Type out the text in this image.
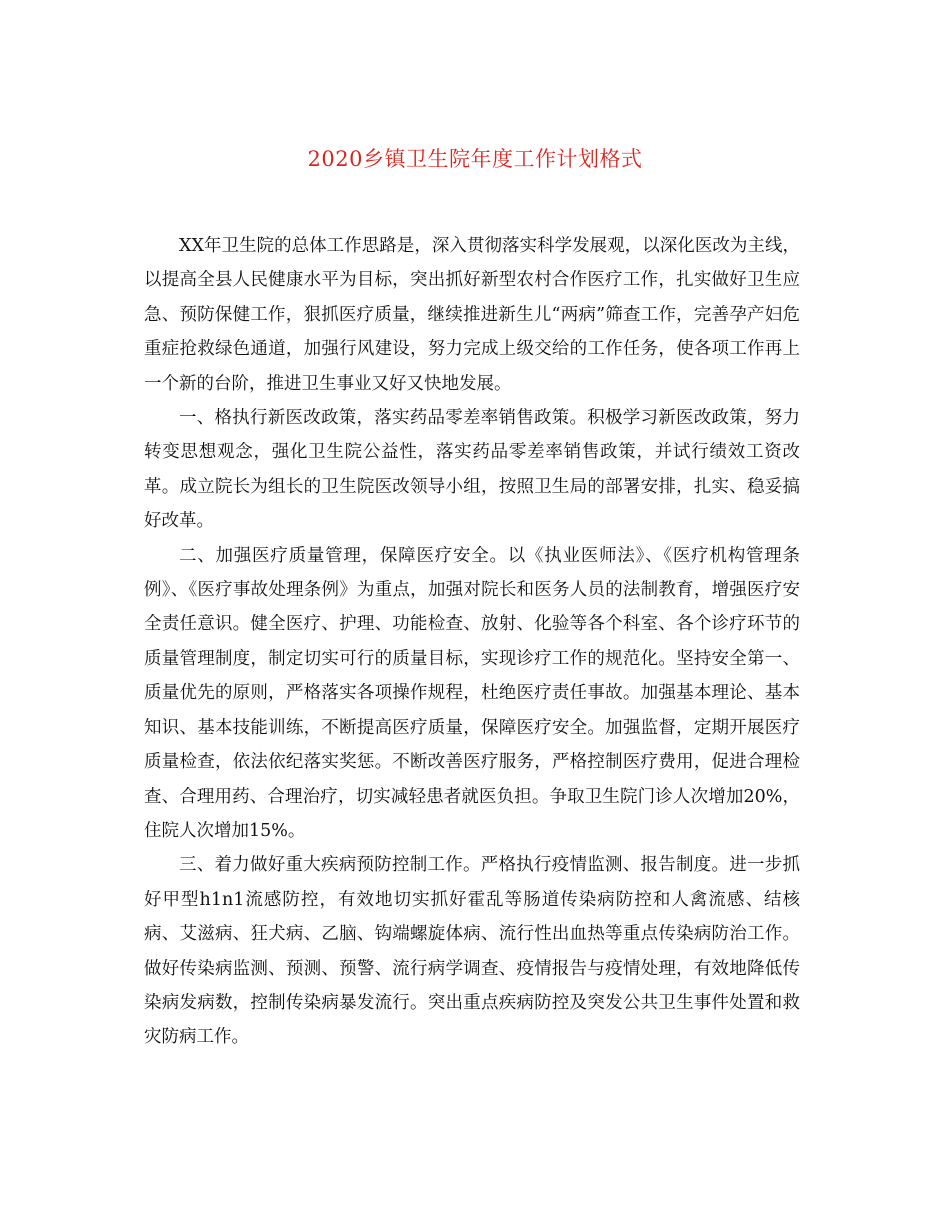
2020乡镇卫生院年度工作计划格式

XX年卫生院的总体工作思路是，深入贯彻落实科学发展观，以深化医改为主线，以提高全县人民健康水平为目标，突出抓好新型农村合作医疗工作，扎实做好卫生应急、预防保健工作，狠抓医疗质量，继续推进新生儿“两病”筛查工作，完善孕产妇危重症抢救绿色通道，加强行风建设，努力完成上级交给的工作任务，使各项工作再上一个新的台阶，推进卫生事业又好又快地发展。

一、格执行新医改政策，落实药品零差率销售政策。积极学习新医改政策，努力转变思想观念，强化卫生院公益性，落实药品零差率销售政策，并试行绩效工资改革。成立院长为组长的卫生院医改领导小组，按照卫生局的部署安排，扎实、稳妥搞好改革。

二、加强医疗质量管理，保障医疗安全。以《执业医师法》、《医疗机构管理条例》、《医疗事故处理条例》为重点，加强对院长和医务人员的法制教育，增强医疗安全责任意识。健全医疗、护理、功能检查、放射、化验等各个科室、各个诊疗环节的质量管理制度，制定切实可行的质量目标，实现诊疗工作的规范化。坚持安全第一、质量优先的原则，严格落实各项操作规程，杜绝医疗责任事故。加强基本理论、基本知识、基本技能训练，不断提高医疗质量，保障医疗安全。加强监督，定期开展医疗质量检查，依法依纪落实奖惩。不断改善医疗服务，严格控制医疗费用，促进合理检查、合理用药、合理治疗，切实减轻患者就医负担。争取卫生院门诊人次增加20%，住院人次增加15%。

三、着力做好重大疾病预防控制工作。严格执行疫情监测、报告制度。进一步抓好甲型h1n1流感防控，有效地切实抓好霍乱等肠道传染病防控和人禽流感、结核病、艾滋病、狂犬病、乙脑、钩端螺旋体病、流行性出血热等重点传染病防治工作。做好传染病监测、预测、预警、流行病学调查、疫情报告与疫情处理，有效地降低传染病发病数，控制传染病暴发流行。突出重点疾病防控及突发公共卫生事件处置和救灾防病工作。
